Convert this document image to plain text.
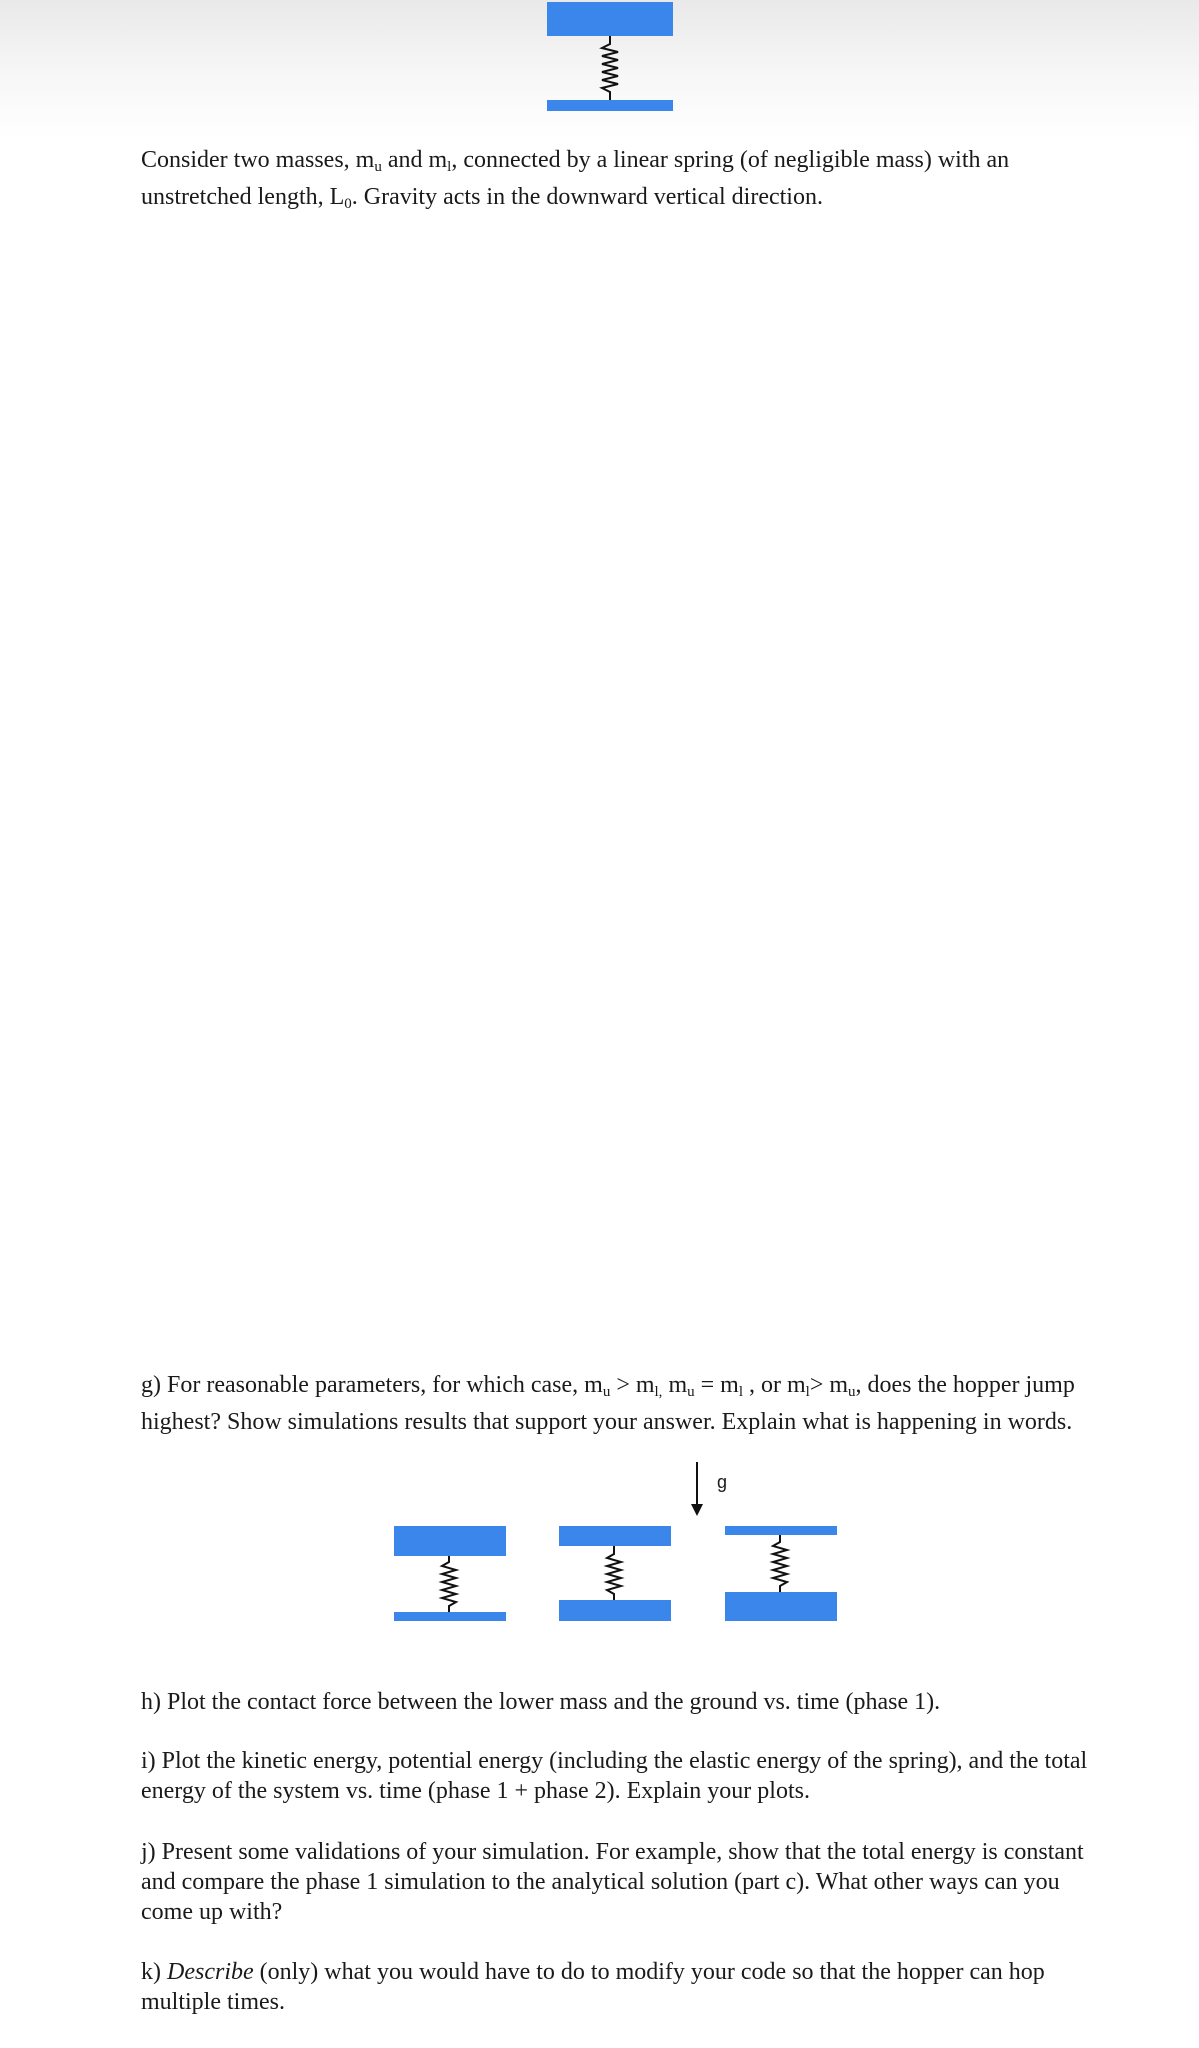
Consider two masses, $m_u$ and $m_l$, connected by a linear spring (of negligible mass) with an unstretched length, $L_0$. Gravity acts in the downward vertical direction.

g) For reasonable parameters, for which case, $m_u > m_{l,}$ $m_u = m_l$ , or $m_l> m_u$, does the hopper jump highest? Show simulations results that support your answer. Explain what is happening in words.

g

h) Plot the contact force between the lower mass and the ground vs. time (phase 1).

i) Plot the kinetic energy, potential energy (including the elastic energy of the spring), and the total energy of the system vs. time (phase 1 + phase 2). Explain your plots.

j) Present some validations of your simulation. For example, show that the total energy is constant and compare the phase 1 simulation to the analytical solution (part c). What other ways can you come up with?

k) Describe (only) what you would have to do to modify your code so that the hopper can hop multiple times.
